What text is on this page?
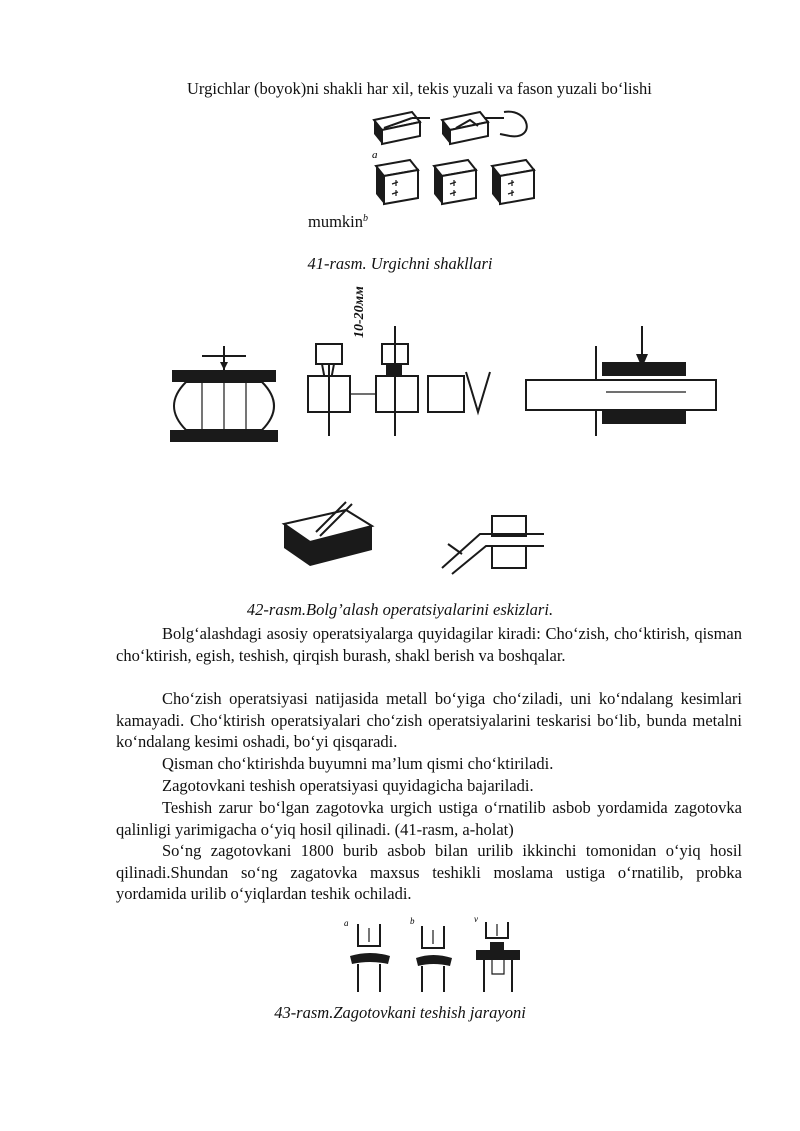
Urgichlar (boyok)ni shakli har xil, tekis yuzali va fason yuzali bo‘lishi
a
mumkin b
41-rasm. Urgichni shakllari
10-20мм
42-rasm.Bolg’alash operatsiyalarini eskizlari.

Bolg‘alashdagi asosiy operatsiyalarga quyidagilar kiradi: Cho‘zish, cho‘ktirish, qisman cho‘ktirish, egish, teshish, qirqish burash, shakl berish va boshqalar.

Cho‘zish operatsiyasi natijasida metall bo‘yiga cho‘ziladi, uni ko‘ndalang kesimlari kamayadi. Cho‘ktirish operatsiyalari cho‘zish operatsiyalarini teskarisi bo‘lib, bunda metalni ko‘ndalang kesimi oshadi, bo‘yi qisqaradi.

Qisman cho‘ktirishda buyumni ma’lum qismi cho‘ktiriladi.

Zagotovkani teshish operatsiyasi quyidagicha bajariladi.

Teshish zarur bo‘lgan zagotovka urgich ustiga o‘rnatilib asbob yordamida zagotovka qalinligi yarimigacha o‘yiq hosil qilinadi. (41-rasm, a-holat)

So‘ng zagotovkani 1800 burib asbob bilan urilib ikkinchi tomonidan o‘yiq hosil qilinadi.Shundan so‘ng zagatovka maxsus teshikli moslama ustiga o‘rnatilib, probka yordamida urilib o‘yiqlardan teshik ochiladi.

a	b	v
43-rasm.Zagotovkani teshish jarayoni
